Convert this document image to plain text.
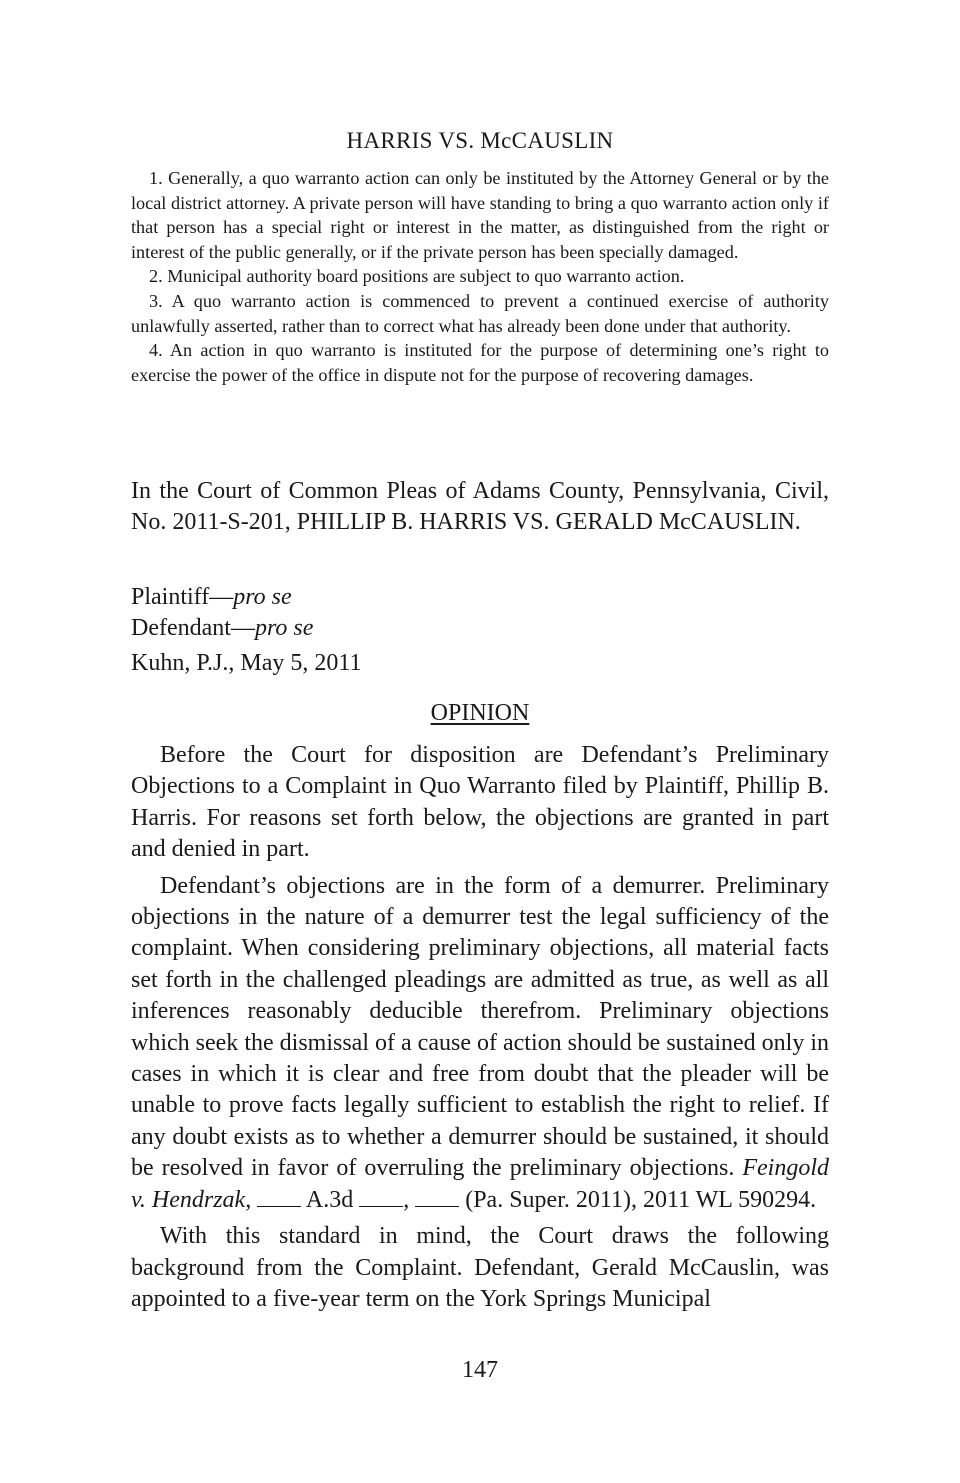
HARRIS VS. McCAUSLIN

1. Generally, a quo warranto action can only be instituted by the Attorney General or by the local district attorney. A private person will have standing to bring a quo warranto action only if that person has a special right or interest in the matter, as distinguished from the right or interest of the public generally, or if the private person has been specially damaged.

2. Municipal authority board positions are subject to quo warranto action.

3. A quo warranto action is commenced to prevent a continued exercise of authority unlawfully asserted, rather than to correct what has already been done under that authority.

4. An action in quo warranto is instituted for the purpose of determining one’s right to exercise the power of the office in dispute not for the purpose of recovering damages.

In the Court of Common Pleas of Adams County, Pennsylvania, Civil, No. 2011-S-201, PHILLIP B. HARRIS VS. GERALD McCAUSLIN.

Plaintiff—pro se
Defendant—pro se
Kuhn, P.J., May 5, 2011
OPINION

Before the Court for disposition are Defendant’s Preliminary Objections to a Complaint in Quo Warranto filed by Plaintiff, Phillip B. Harris. For reasons set forth below, the objections are granted in part and denied in part.

Defendant’s objections are in the form of a demurrer. Preliminary objections in the nature of a demurrer test the legal sufficiency of the complaint. When considering preliminary objections, all material facts set forth in the challenged pleadings are admitted as true, as well as all inferences reasonably deducible therefrom. Preliminary objections which seek the dismissal of a cause of action should be sustained only in cases in which it is clear and free from doubt that the pleader will be unable to prove facts legally sufficient to establish the right to relief. If any doubt exists as to whether a demurrer should be sustained, it should be resolved in favor of overruling the preliminary objections. Feingold v. Hendrzak,  A.3d ,  (Pa. Super. 2011), 2011 WL 590294.

With this standard in mind, the Court draws the following background from the Complaint. Defendant, Gerald McCauslin, was appointed to a five-year term on the York Springs Municipal

147
